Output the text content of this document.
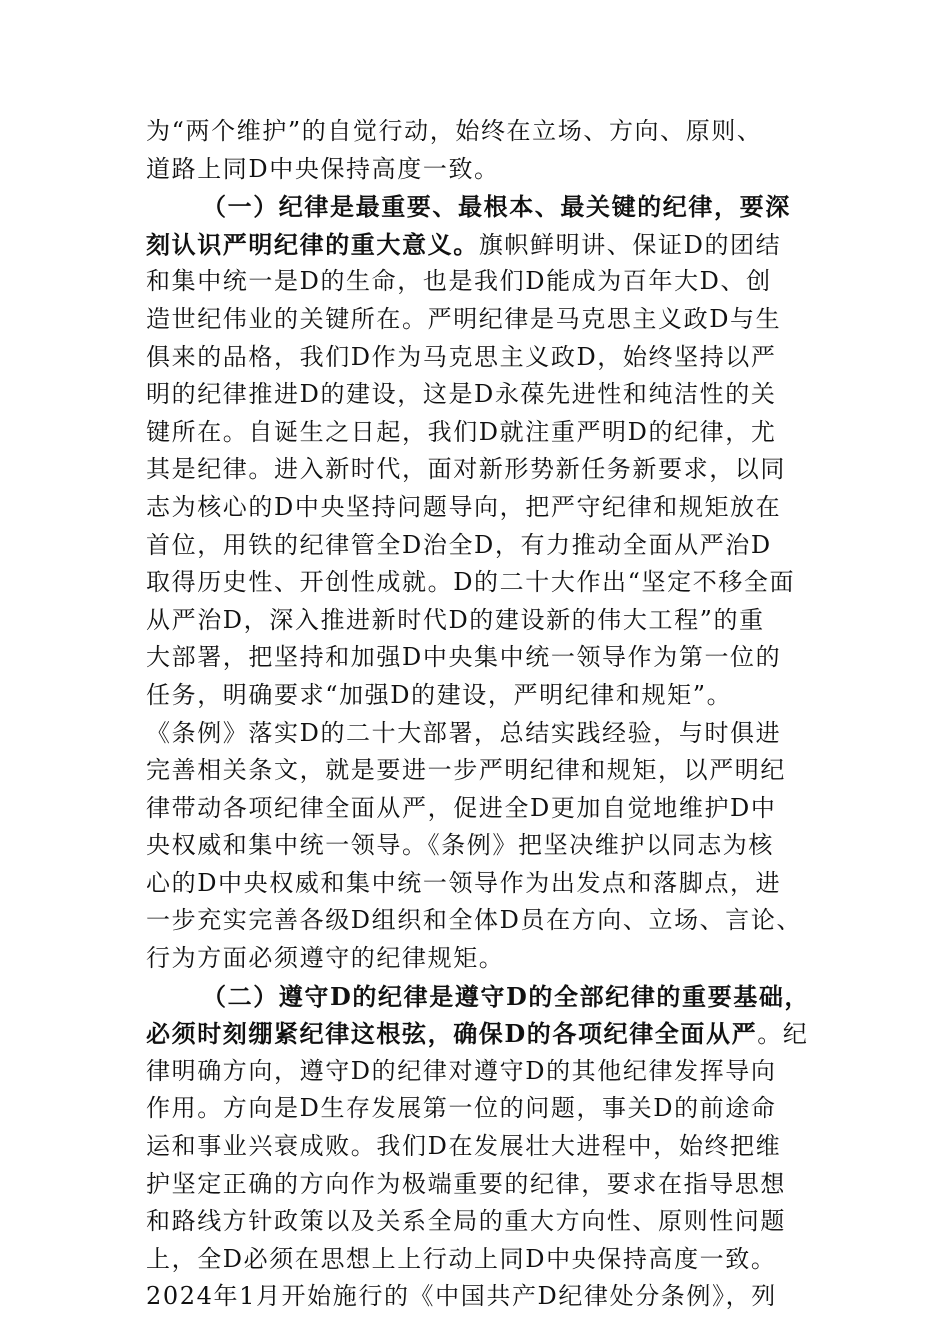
为“两个维护”的自觉行动，始终在立场、方向、原则、
道路上同D中央保持高度一致。
（一）纪律是最重要、最根本、最关键的纪律，要深
刻认识严明纪律的重大意义。旗帜鲜明讲、保证D的团结
和集中统一是D的生命，也是我们D能成为百年大D、创
造世纪伟业的关键所在。严明纪律是马克思主义政D与生
俱来的品格，我们D作为马克思主义政D，始终坚持以严
明的纪律推进D的建设，这是D永葆先进性和纯洁性的关
键所在。自诞生之日起，我们D就注重严明D的纪律，尤
其是纪律。进入新时代，面对新形势新任务新要求，以同
志为核心的D中央坚持问题导向，把严守纪律和规矩放在
首位，用铁的纪律管全D治全D，有力推动全面从严治D
取得历史性、开创性成就。D的二十大作出“坚定不移全面
从严治D，深入推进新时代D的建设新的伟大工程”的重
大部署，把坚持和加强D中央集中统一领导作为第一位的
任务，明确要求“加强D的建设，严明纪律和规矩”。
《条例》落实D的二十大部署，总结实践经验，与时俱进
完善相关条文，就是要进一步严明纪律和规矩，以严明纪
律带动各项纪律全面从严，促进全D更加自觉地维护D中
央权威和集中统一领导。《条例》把坚决维护以同志为核
心的D中央权威和集中统一领导作为出发点和落脚点，进
一步充实完善各级D组织和全体D员在方向、立场、言论、
行为方面必须遵守的纪律规矩。
（二）遵守D的纪律是遵守D的全部纪律的重要基础，
必须时刻绷紧纪律这根弦，确保D的各项纪律全面从严。纪
律明确方向，遵守D的纪律对遵守D的其他纪律发挥导向
作用。方向是D生存发展第一位的问题，事关D的前途命
运和事业兴衰成败。我们D在发展壮大进程中，始终把维
护坚定正确的方向作为极端重要的纪律，要求在指导思想
和路线方针政策以及关系全局的重大方向性、原则性问题
上，全D必须在思想上上行动上同D中央保持高度一致。
2024年1月开始施行的《中国共产D纪律处分条例》，列
